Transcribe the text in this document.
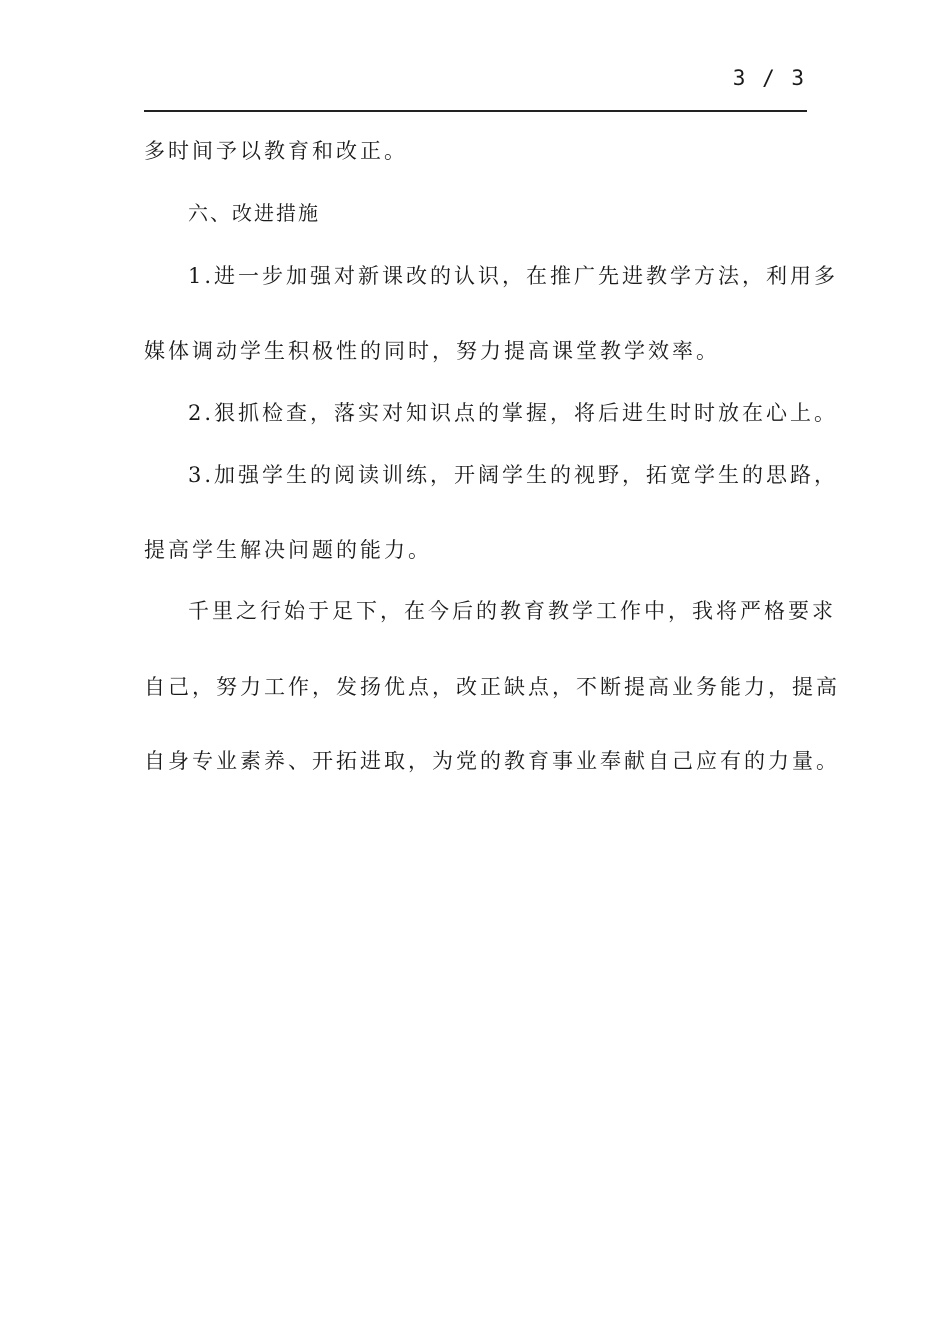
3 / 3
多时间予以教育和改正。
六、改进措施
1.进一步加强对新课改的认识，在推广先进教学方法，利用多
媒体调动学生积极性的同时，努力提高课堂教学效率。
2.狠抓检查，落实对知识点的掌握，将后进生时时放在心上。
3.加强学生的阅读训练，开阔学生的视野，拓宽学生的思路，
提高学生解决问题的能力。
千里之行始于足下，在今后的教育教学工作中，我将严格要求
自己，努力工作，发扬优点，改正缺点，不断提高业务能力，提高
自身专业素养、开拓进取，为党的教育事业奉献自己应有的力量。
